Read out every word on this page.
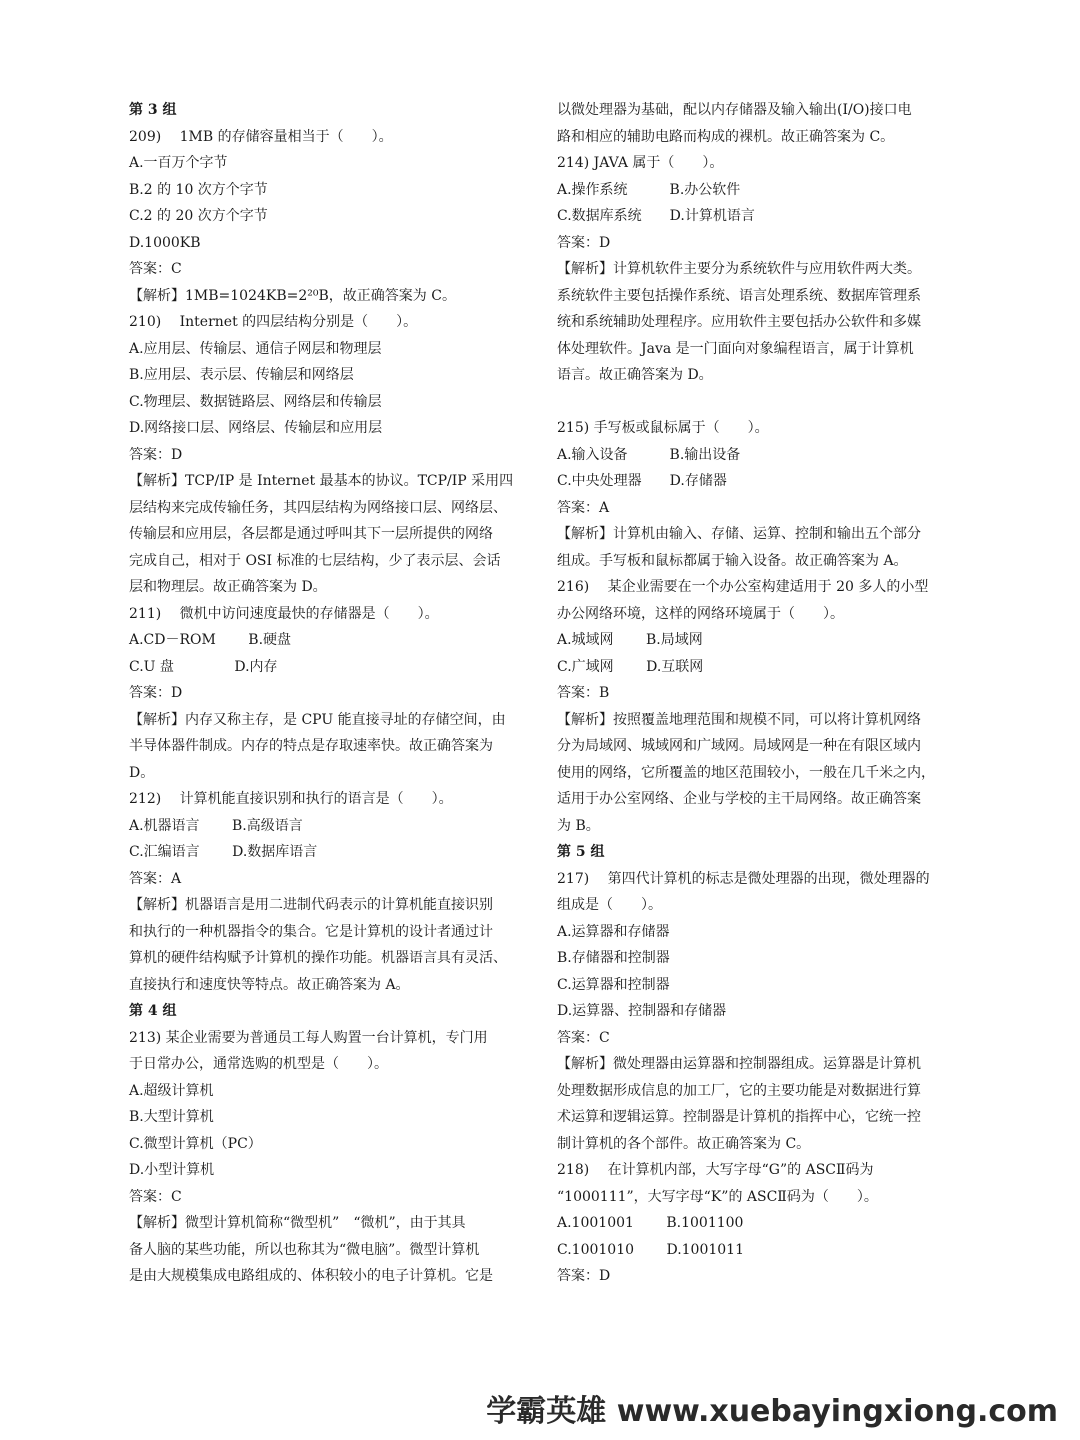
第 3 组
209)　 1MB 的存储容量相当于（　　）。
A.一百万个字节
B.2 的 10 次方个字节
C.2 的 20 次方个字节
D.1000KB
答案：C
【解析】1MB=1024KB=2²⁰B，故正确答案为 C。
210)　 Internet 的四层结构分别是（　　）。
A.应用层、传输层、通信子网层和物理层
B.应用层、表示层、传输层和网络层
C.物理层、数据链路层、网络层和传输层
D.网络接口层、网络层、传输层和应用层
答案：D
【解析】TCP/IP 是 Internet 最基本的协议。TCP/IP 采用四
层结构来完成传输任务，其四层结构为网络接口层、网络层、
传输层和应用层，各层都是通过呼叫其下一层所提供的网络
完成自己，相对于 OSI 标准的七层结构，少了表示层、会话
层和物理层。故正确答案为 D。
211)　 微机中访问速度最快的存储器是（　　）。
A.CD－ROM　　 B.硬盘
C.U 盘　　　　 D.内存
答案：D
【解析】内存又称主存，是 CPU 能直接寻址的存储空间，由
半导体器件制成。内存的特点是存取速率快。故正确答案为
D。
212)　 计算机能直接识别和执行的语言是（　　）。
A.机器语言　　 B.高级语言
C.汇编语言　　 D.数据库语言
答案：A
【解析】机器语言是用二进制代码表示的计算机能直接识别
和执行的一种机器指令的集合。它是计算机的设计者通过计
算机的硬件结构赋予计算机的操作功能。机器语言具有灵活、
直接执行和速度快等特点。故正确答案为 A。
第 4 组
213) 某企业需要为普通员工每人购置一台计算机，专门用
于日常办公，通常选购的机型是（　　）。
A.超级计算机
B.大型计算机
C.微型计算机（PC）
D.小型计算机
答案：C
【解析】微型计算机简称“微型机”　“微机”，由于其具
备人脑的某些功能，所以也称其为“微电脑”。微型计算机
是由大规模集成电路组成的、体积较小的电子计算机。它是
以微处理器为基础，配以内存储器及输入输出(I/O)接口电
路和相应的辅助电路而构成的裸机。故正确答案为 C。
214) JAVA 属于（　　）。
A.操作系统　　　B.办公软件
C.数据库系统　　D.计算机语言
答案：D
【解析】计算机软件主要分为系统软件与应用软件两大类。
系统软件主要包括操作系统、语言处理系统、数据库管理系
统和系统辅助处理程序。应用软件主要包括办公软件和多媒
体处理软件。Java 是一门面向对象编程语言，属于计算机
语言。故正确答案为 D。
215) 手写板或鼠标属于（　　）。
A.输入设备　　　B.输出设备
C.中央处理器　　D.存储器
答案：A
【解析】计算机由输入、存储、运算、控制和输出五个部分
组成。手写板和鼠标都属于输入设备。故正确答案为 A。
216)　 某企业需要在一个办公室构建适用于 20 多人的小型
办公网络环境，这样的网络环境属于（　　）。
A.城域网　　 B.局域网
C.广域网　　 D.互联网
答案：B
【解析】按照覆盖地理范围和规模不同，可以将计算机网络
分为局域网、城域网和广域网。局域网是一种在有限区域内
使用的网络，它所覆盖的地区范围较小，一般在几千米之内，
适用于办公室网络、企业与学校的主干局网络。故正确答案
为 B。
第 5 组
217)　 第四代计算机的标志是微处理器的出现，微处理器的
组成是（　　）。
A.运算器和存储器
B.存储器和控制器
C.运算器和控制器
D.运算器、控制器和存储器
答案：C
【解析】微处理器由运算器和控制器组成。运算器是计算机
处理数据形成信息的加工厂，它的主要功能是对数据进行算
术运算和逻辑运算。控制器是计算机的指挥中心，它统一控
制计算机的各个部件。故正确答案为 C。
218)　 在计算机内部，大写字母“G”的 ASCⅡ码为
“1000111”，大写字母“K”的 ASCⅡ码为（　　）。
A.1001001　　 B.1001100
C.1001010　　 D.1001011
答案：D
学霸英雄 www.xuebayingxiong.com
